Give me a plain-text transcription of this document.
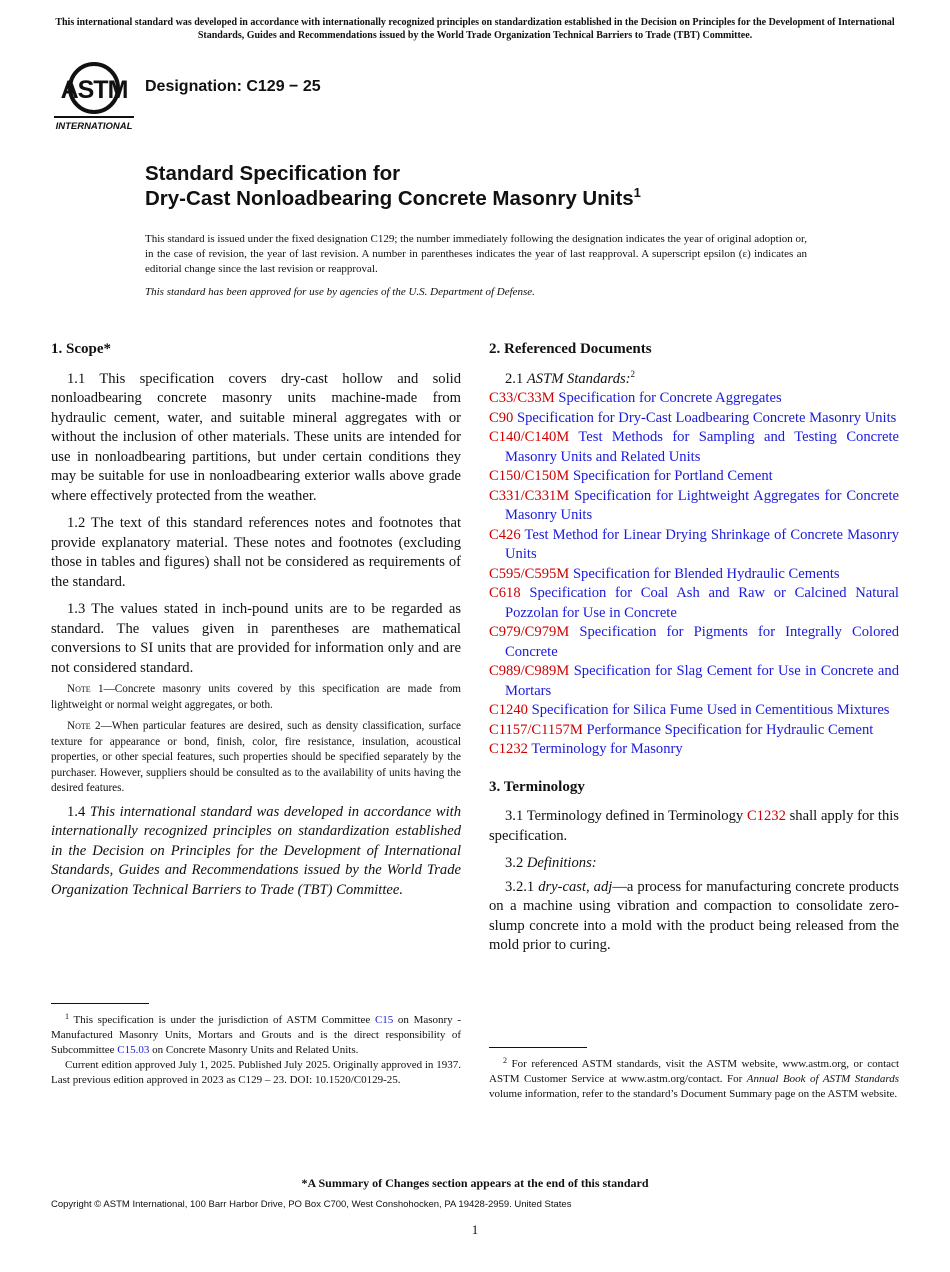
This international standard was developed in accordance with internationally recognized principles on standardization established in the Decision on Principles for the Development of International Standards, Guides and Recommendations issued by the World Trade Organization Technical Barriers to Trade (TBT) Committee.
ASTM
INTERNATIONAL
Designation: C129 − 25
Standard Specification for
Dry-Cast Nonloadbearing Concrete Masonry Units$^1$
This standard is issued under the fixed designation C129; the number immediately following the designation indicates the year of original adoption or, in the case of revision, the year of last revision. A number in parentheses indicates the year of last reapproval. A superscript epsilon (ε) indicates an editorial change since the last revision or reapproval.
This standard has been approved for use by agencies of the U.S. Department of Defense.
1. Scope*

1.1 This specification covers dry-cast hollow and solid nonloadbearing concrete masonry units machine-made from hydraulic cement, water, and suitable mineral aggregates with or without the inclusion of other materials. These units are intended for use in nonloadbearing partitions, but under certain conditions they may be suitable for use in nonloadbearing exterior walls above grade where effectively protected from the weather.

1.2 The text of this standard references notes and footnotes that provide explanatory material. These notes and footnotes (excluding those in tables and figures) shall not be considered as requirements of the standard.

1.3 The values stated in inch-pound units are to be regarded as standard. The values given in parentheses are mathematical conversions to SI units that are provided for information only and are not considered standard.

Note 1—Concrete masonry units covered by this specification are made from lightweight or normal weight aggregates, or both.

Note 2—When particular features are desired, such as density classification, surface texture for appearance or bond, finish, color, fire resistance, insulation, acoustical properties, or other special features, such properties should be specified separately by the purchaser. However, suppliers should be consulted as to the availability of units having the desired features.

1.4 This international standard was developed in accordance with internationally recognized principles on standardization established in the Decision on Principles for the Development of International Standards, Guides and Recommendations issued by the World Trade Organization Technical Barriers to Trade (TBT) Committee.

2. Referenced Documents
2.1 ASTM Standards:$^2$
C33/C33M Specification for Concrete Aggregates
C90 Specification for Dry-Cast Loadbearing Concrete Masonry Units
C140/C140M Test Methods for Sampling and Testing Concrete Masonry Units and Related Units
C150/C150M Specification for Portland Cement
C331/C331M Specification for Lightweight Aggregates for Concrete Masonry Units
C426 Test Method for Linear Drying Shrinkage of Concrete Masonry Units
C595/C595M Specification for Blended Hydraulic Cements
C618 Specification for Coal Ash and Raw or Calcined Natural Pozzolan for Use in Concrete
C979/C979M Specification for Pigments for Integrally Colored Concrete
C989/C989M Specification for Slag Cement for Use in Concrete and Mortars
C1240 Specification for Silica Fume Used in Cementitious Mixtures
C1157/C1157M Performance Specification for Hydraulic Cement
C1232 Terminology for Masonry
3. Terminology

3.1 Terminology defined in Terminology C1232 shall apply for this specification.

3.2 Definitions:

3.2.1 dry-cast, adj—a process for manufacturing concrete products on a machine using vibration and compaction to consolidate zero-slump concrete into a mold with the product being released from the mold prior to curing.

$^1$ This specification is under the jurisdiction of ASTM Committee C15 on Masonry - Manufactured Masonry Units, Mortars and Grouts and is the direct responsibility of Subcommittee C15.03 on Concrete Masonry Units and Related Units.

Current edition approved July 1, 2025. Published July 2025. Originally approved in 1937. Last previous edition approved in 2023 as C129 – 23. DOI: 10.1520/C0129-25.

$^2$ For referenced ASTM standards, visit the ASTM website, www.astm.org, or contact ASTM Customer Service at www.astm.org/contact. For Annual Book of ASTM Standards volume information, refer to the standard’s Document Summary page on the ASTM website.

*A Summary of Changes section appears at the end of this standard
Copyright © ASTM International, 100 Barr Harbor Drive, PO Box C700, West Conshohocken, PA 19428-2959. United States
1
